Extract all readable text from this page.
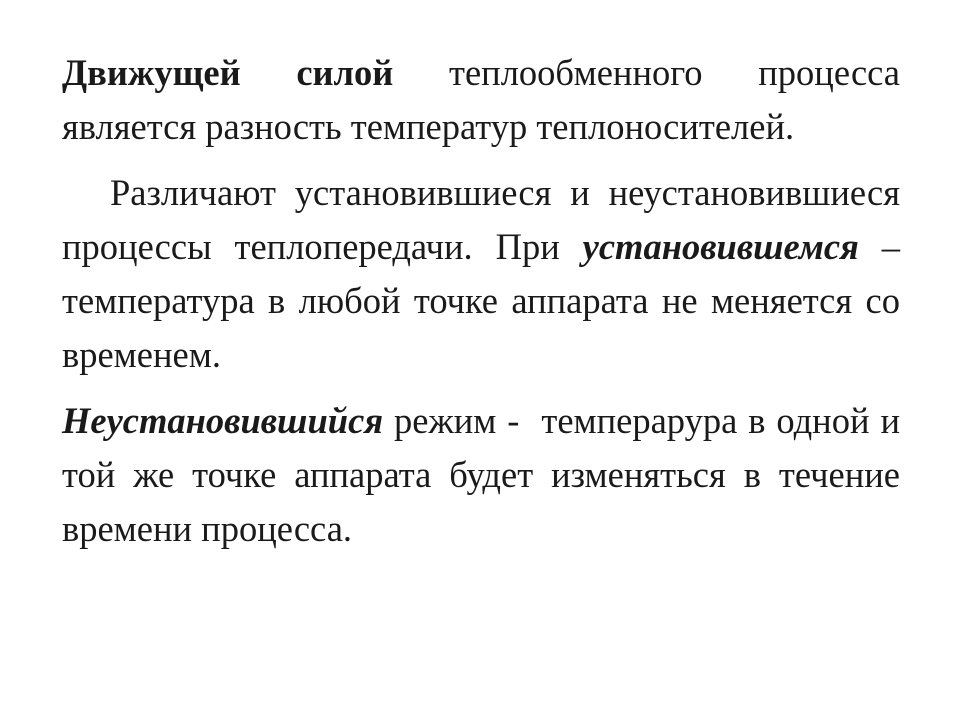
Движущей силой теплообменного процесса является разность температур теплоносителей.

Различают установившиеся и неустановившиеся процессы теплопередачи. При установившемся – температура в любой точке аппарата не меняется со временем.

Неустановившийся режим -  темперарура в одной и той же точке аппарата будет изменяться в течение времени процесса.
